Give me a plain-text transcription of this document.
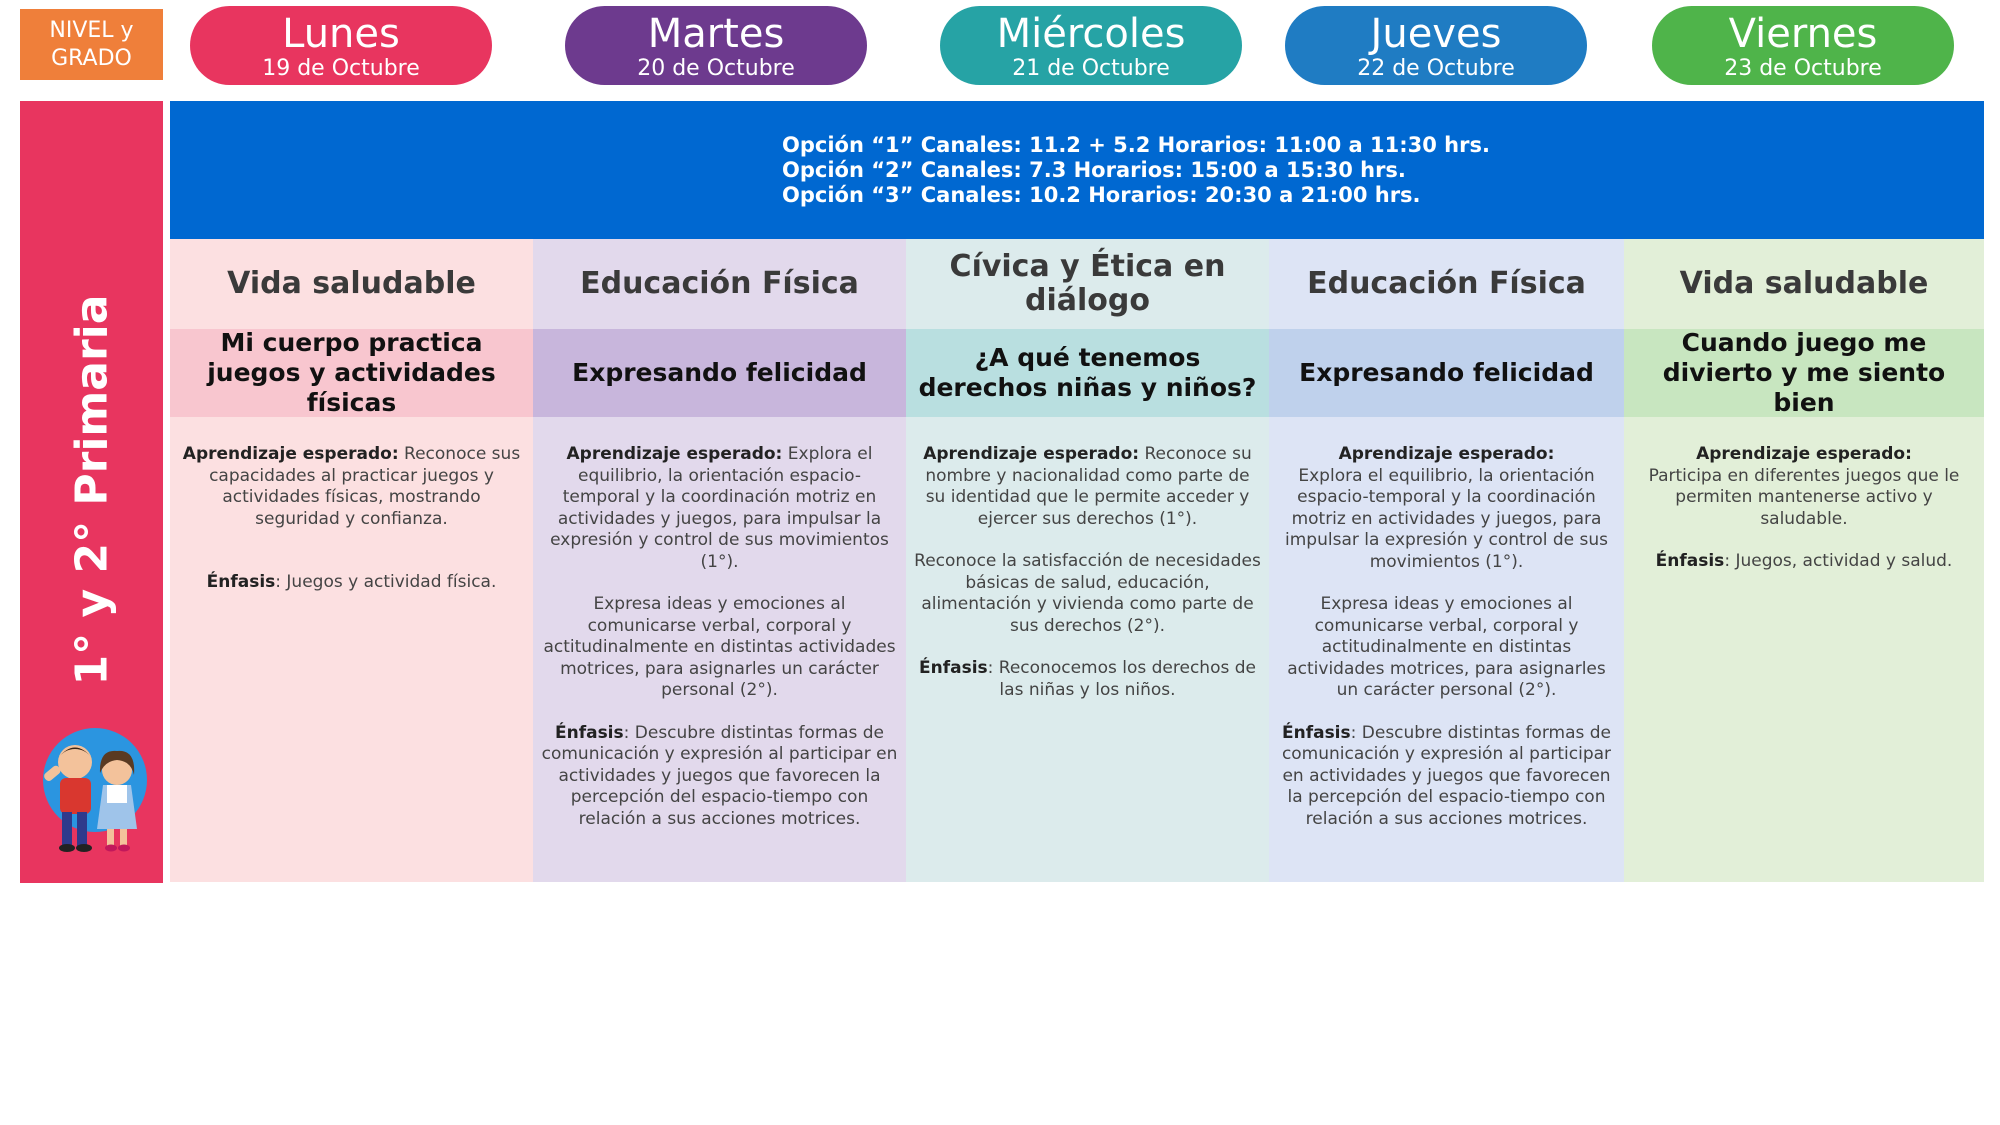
NIVEL y
GRADO
Lunes
19 de Octubre
Martes
20 de Octubre
Miércoles
21 de Octubre
Jueves
22 de Octubre
Viernes
23 de Octubre
1° y 2° Primaria
Opción “1” Canales: 11.2 + 5.2 Horarios: 11:00 a 11:30 hrs.
Opción “2” Canales: 7.3 Horarios: 15:00 a 15:30 hrs.
Opción “3” Canales: 10.2 Horarios: 20:30 a 21:00 hrs.
Vida saludable
Mi cuerpo practica juegos y actividades físicas

Aprendizaje esperado: Reconoce sus capacidades al practicar juegos y actividades físicas, mostrando seguridad y confianza.

Énfasis: Juegos y actividad física.

Educación Física
Expresando felicidad

Aprendizaje esperado: Explora el equilibrio, la orientación espacio-temporal y la coordinación motriz en actividades y juegos, para impulsar la expresión y control de sus movimientos (1°).

Expresa ideas y emociones al comunicarse verbal, corporal y actitudinalmente en distintas actividades motrices, para asignarles un carácter personal (2°).

Énfasis: Descubre distintas formas de comunicación y expresión al participar en actividades y juegos que favorecen la percepción del espacio-tiempo con relación a sus acciones motrices.

Cívica y Ética en diálogo
¿A qué tenemos derechos niñas y niños?

Aprendizaje esperado: Reconoce su nombre y nacionalidad como parte de su identidad que le permite acceder y ejercer sus derechos (1°).

Reconoce la satisfacción de necesidades básicas de salud, educación, alimentación y vivienda como parte de sus derechos (2°).

Énfasis: Reconocemos los derechos de las niñas y los niños.

Educación Física
Expresando felicidad

Aprendizaje esperado:
Explora el equilibrio, la orientación espacio-temporal y la coordinación motriz en actividades y juegos, para impulsar la expresión y control de sus movimientos (1°).

Expresa ideas y emociones al comunicarse verbal, corporal y actitudinalmente en distintas actividades motrices, para asignarles un carácter personal (2°).

Énfasis: Descubre distintas formas de comunicación y expresión al participar en actividades y juegos que favorecen la percepción del espacio-tiempo con relación a sus acciones motrices.

Vida saludable
Cuando juego me divierto y me siento bien

Aprendizaje esperado:
Participa en diferentes juegos que le permiten mantenerse activo y saludable.

Énfasis: Juegos, actividad y salud.
